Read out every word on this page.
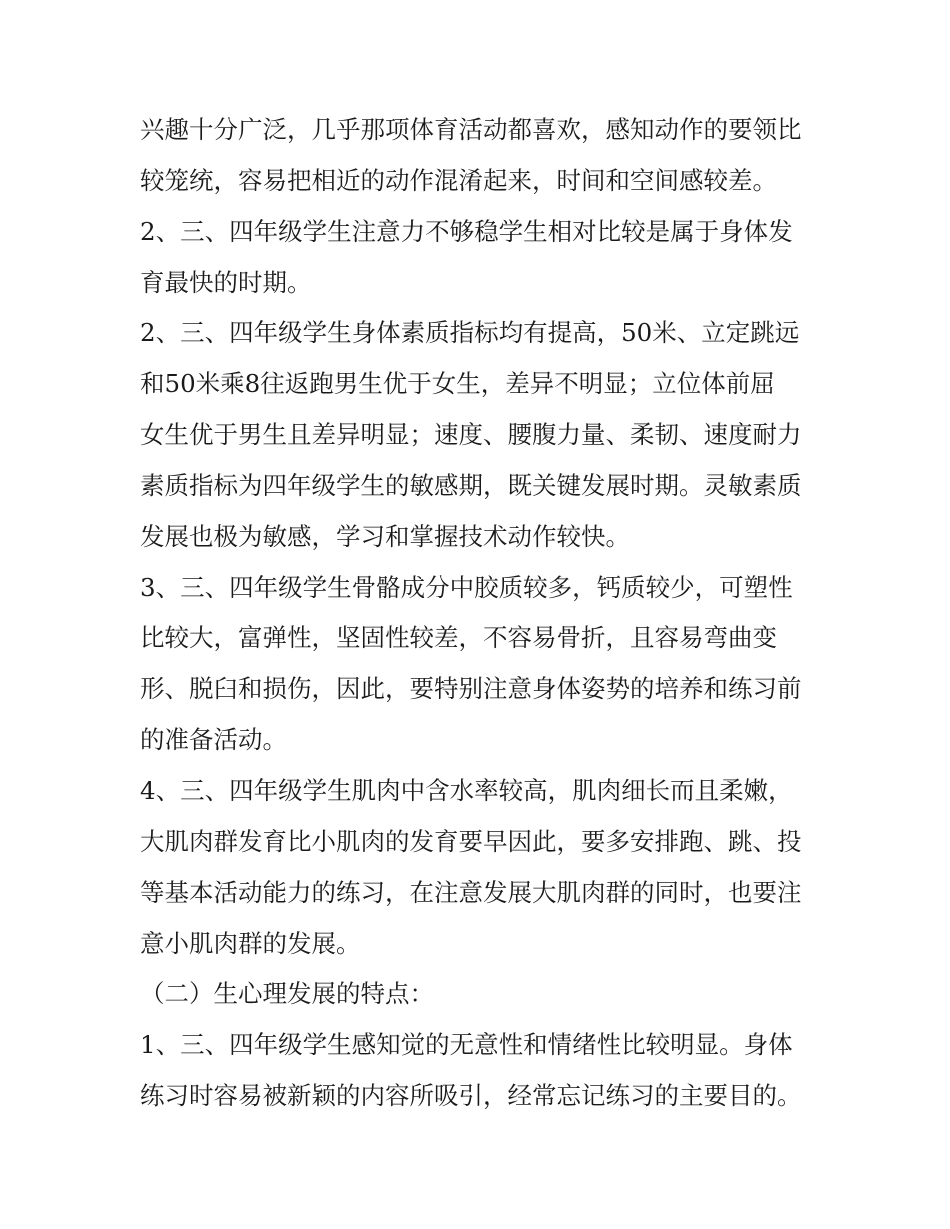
兴趣十分广泛，几乎那项体育活动都喜欢，感知动作的要领比
较笼统，容易把相近的动作混淆起来，时间和空间感较差。
2、三、四年级学生注意力不够稳学生相对比较是属于身体发
育最快的时期。
2、三、四年级学生身体素质指标均有提高，50米、立定跳远
和50米乘8往返跑男生优于女生，差异不明显；立位体前屈
女生优于男生且差异明显；速度、腰腹力量、柔韧、速度耐力
素质指标为四年级学生的敏感期，既关键发展时期。灵敏素质
发展也极为敏感，学习和掌握技术动作较快。
3、三、四年级学生骨骼成分中胶质较多，钙质较少，可塑性
比较大，富弹性，坚固性较差，不容易骨折，且容易弯曲变
形、脱臼和损伤，因此，要特别注意身体姿势的培养和练习前
的准备活动。
4、三、四年级学生肌肉中含水率较高，肌肉细长而且柔嫩，
大肌肉群发育比小肌肉的发育要早因此，要多安排跑、跳、投
等基本活动能力的练习，在注意发展大肌肉群的同时，也要注
意小肌肉群的发展。
（二）生心理发展的特点：
1、三、四年级学生感知觉的无意性和情绪性比较明显。身体
练习时容易被新颖的内容所吸引，经常忘记练习的主要目的。
